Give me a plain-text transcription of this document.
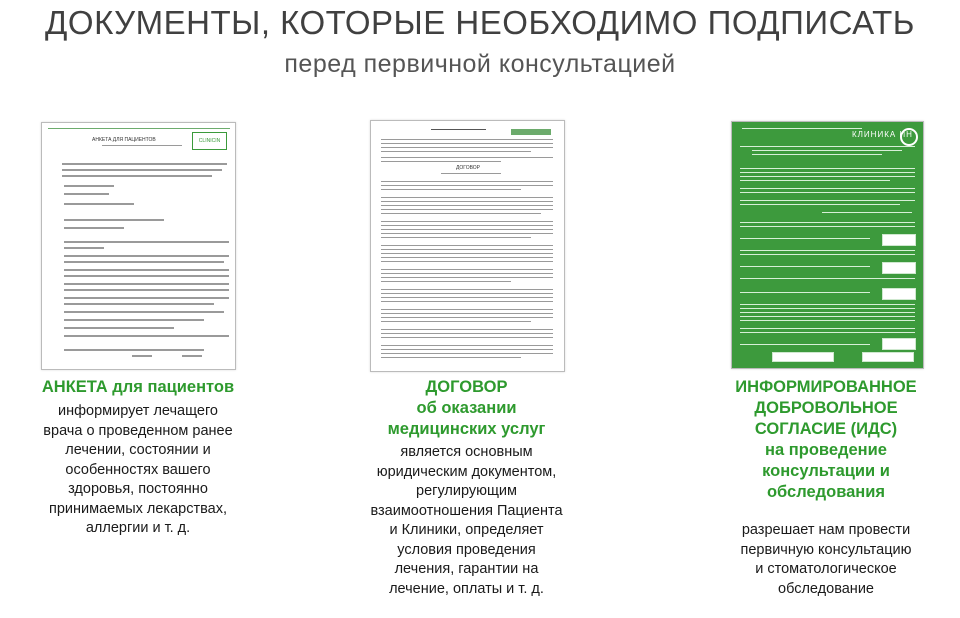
ДОКУМЕНТЫ, КОТОРЫЕ НЕОБХОДИМО ПОДПИСАТЬ
перед первичной консультацией
CLINICIN
АНКЕТА ДЛЯ ПАЦИЕНТОВ
АНКЕТА для пациентов
информирует лечащего
врача о проведенном ранее
лечении, состоянии и
особенностях вашего
здоровья, постоянно
принимаемых лекарствах,
аллергии и т. д.
ДОГОВОР
ДОГОВОР
об оказании
медицинских услуг
является основным
юридическим документом,
регулирующим
взаимоотношения Пациента
и Клиники, определяет
условия проведения
лечения, гарантии на
лечение, оплаты и т. д.
КЛИНИКА ИН
ИНФОРМИРОВАННОЕ
ДОБРОВОЛЬНОЕ
СОГЛАСИЕ (ИДС)
на проведение
консультации и
обследования
разрешает нам провести
первичную консультацию
и стоматологическое
обследование
